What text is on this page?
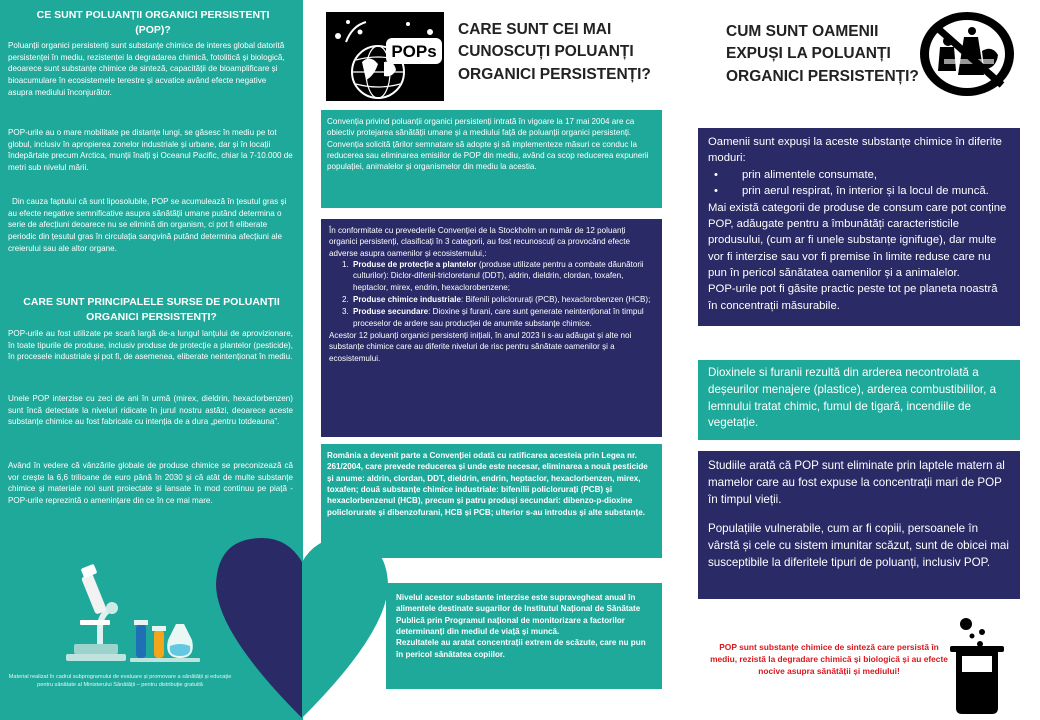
CE SUNT POLUANȚII ORGANICI PERSISTENȚI (POP)?

Poluanții organici persistenți sunt substanțe chimice de interes global datorită persistenței în mediu, rezistenței la degradarea chimică, fotolitică și biologică, deoarece sunt substanțe chimice de sinteză, capacității de bioamplificare și bioacumulare în ecosistemele terestre și acvatice având efecte negative asupra mediului înconjurător.

POP-urile au o mare mobilitate pe distanțe lungi, se găsesc în mediu pe tot globul, inclusiv în apropierea zonelor industriale și urbane, dar și în locații îndepărtate precum Arctica, munții înalți și Oceanul Pacific, chiar la 7-10.000 de metri sub nivelul mării.

Din cauza faptului că sunt liposolubile, POP se acumulează în țesutul gras și au efecte negative semnificative asupra sănătății umane putând determina o serie de afecțiuni deoarece nu se elimină din organism, ci pot fi eliberate periodic din țesutul gras în circulația sangvină putând determina afecțiuni ale creierului sau ale altor organe.

CARE SUNT PRINCIPALELE SURSE DE POLUANȚII ORGANICI PERSISTENȚI?

POP-urile au fost utilizate pe scară largă de-a lungul lanțului de aprovizionare, în toate tipurile de produse, inclusiv produse de protecție a plantelor (pesticide), în procesele industriale și pot fi, de asemenea, eliberate neintenționat în mediu.

Unele POP interzise cu zeci de ani în urmă (mirex, dieldrin, hexaclorbenzen) sunt încă detectate la niveluri ridicate în jurul nostru astăzi, deoarece aceste substanțe chimice au fost fabricate cu intenția de a dura „pentru totdeauna”.

Având în vedere că vânzările globale de produse chimice se preconizează că vor crește la 6,6 trilioane de euro până în 2030 și că atât de multe substanțe chimice și materiale noi sunt proiectate și lansate în mod continuu pe piață - POP-urile reprezintă o amenințare din ce în ce mai mare.

Material realizat în cadrul subprogramului de evaluare și promovare a sănătății și educație pentru sănătate al Ministerului Sănătății – pentru distribuție gratuită
POPs
CARE SUNT CEI MAI CUNOSCUȚI POLUANȚI ORGANICI PERSISTENȚI?

Convenția privind poluanții organici persistenți intrată în vigoare la 17 mai 2004 are ca obiectiv protejarea sănătății umane și a mediului față de poluanții organici persistenți.

Convenția solicită țărilor semnatare să adopte și să implementeze măsuri ce conduc la reducerea sau eliminarea emisiilor de POP din mediu, având ca scop reducerea expunerii populației, animalelor și organismelor din mediu la acestia.

În conformitate cu prevederile Convenției de la Stockholm un număr de 12 poluanți organici persistenți, clasificați în 3 categorii, au fost recunoscuți ca provocând efecte adverse asupra oamenilor și ecosistemului,:

1. Produse de protecție a plantelor (produse utilizate pentru a combate dăunătorii culturilor): Diclor-difenil-tricloretanul (DDT), aldrin, dieldrin, clordan, toxafen, heptaclor, mirex, endrin, hexaclorobenzene;
2. Produse chimice industriale: Bifenili policlorurați (PCB), hexaclorobenzen (HCB);
3. Produse secundare: Dioxine și furani, care sunt generate neintenționat în timpul proceselor de ardere sau producției de anumite substanțe chimice.

Acestor 12 poluanți organici persistenți inițiali, în anul 2023 li s-au adăugat și alte noi substanțe chimice care au diferite niveluri de risc pentru sănătate oamenilor și a ecosistemului.

România a devenit parte a Convenției odată cu ratificarea acesteia prin Legea nr. 261/2004, care prevede reducerea și unde este necesar, eliminarea a nouă pesticide și anume: aldrin, clordan, DDT, dieldrin, endrin, heptaclor, hexaclorbenzen, mirex, toxafen; două substanțe chimice industriale: bifenilii policlorurați (PCB) și hexaclorbenzenul (HCB), precum și patru produși secundari: dibenzo-p-dioxine policlorurate și dibenzofurani, HCB și PCB; ulterior s-au introdus și alte substanțe.

Nivelul acestor substante interzise este supravegheat anual în alimentele destinate sugarilor de Institutul Național de Sănătate Publică prin Programul național de monitorizare a factorilor determinanți din mediul de viață și muncă.

Rezultatele au aratat concentrații extrem de scăzute, care nu pun în pericol sănătatea copiilor.

CUM SUNT OAMENII EXPUȘI LA POLUANȚI ORGANICI PERSISTENȚI?

Oamenii sunt expuși la aceste substanțe chimice în diferite moduri:

• prin alimentele consumate,
• prin aerul respirat, în interior și la locul de muncă.

Mai există categorii de produse de consum care pot conține POP, adăugate pentru a îmbunătăți caracteristicile produsului, (cum ar fi unele substanțe ignifuge), dar multe vor fi interzise sau vor fi premise în limite reduse care nu pun în pericol sănătatea oamenilor și a animalelor.

POP-urile pot fi găsite practic peste tot pe planeta noastră în concentrații măsurabile.

Dioxinele si furanii rezultă din arderea necontrolată a deșeurilor menajere (plastice), arderea combustibililor, a lemnului tratat chimic, fumul de tigară, incendiile de vegetație.

Studiile arată că POP sunt eliminate prin laptele matern al mamelor care au fost expuse la concentrații mari de POP în timpul vieții.

Populațiile vulnerabile, cum ar fi copiii, persoanele în vârstă și cele cu sistem imunitar scăzut, sunt de obicei mai susceptibile la diferitele tipuri de poluanți, inclusiv POP.

POP sunt substanțe chimice de sinteză care persistă în mediu, rezistă la degradare chimică și biologică și au efecte nocive asupra sănătății și mediului!
